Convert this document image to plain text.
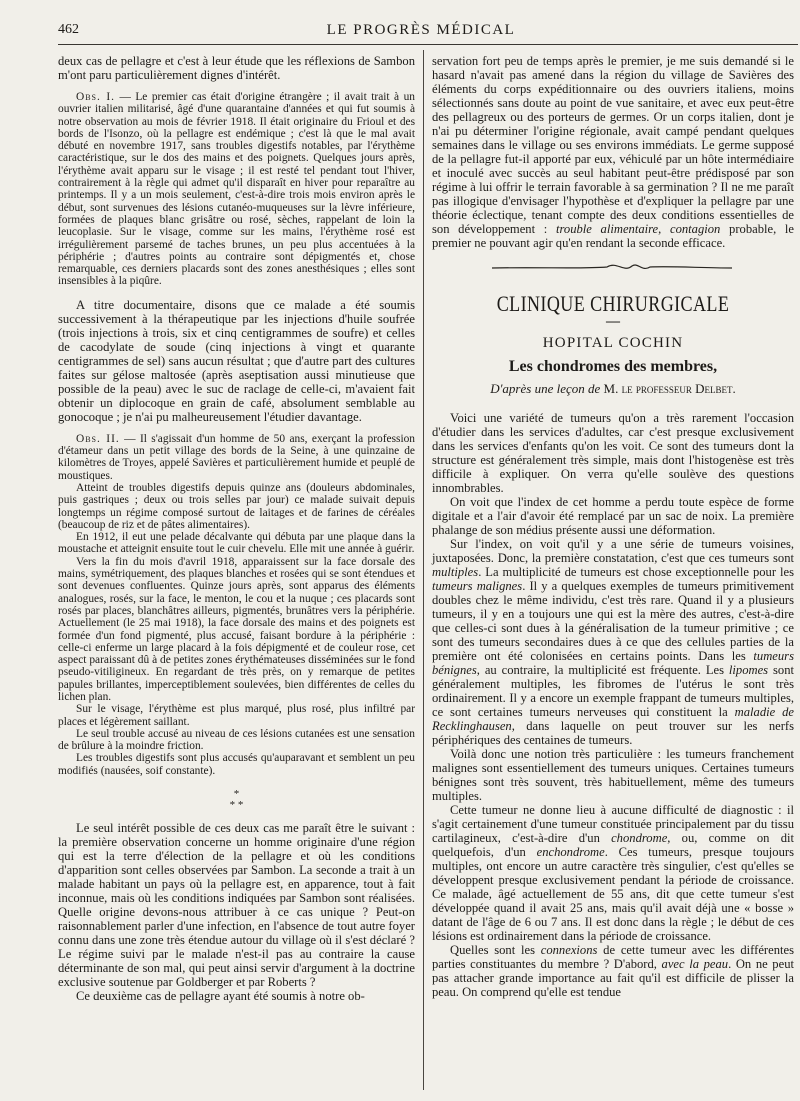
462	LE PROGRÈS MÉDICAL

deux cas de pellagre et c'est à leur étude que les réflexions de Sambon m'ont paru particulièrement dignes d'intérêt.

Obs. I. — Le premier cas était d'origine étrangère ; il avait trait à un ouvrier italien militarisé, âgé d'une quarantaine d'années et qui fut soumis à notre observation au mois de février 1918. Il était originaire du Frioul et des bords de l'Isonzo, où la pellagre est endémique ; c'est là que le mal avait débuté en novembre 1917, sans troubles digestifs notables, par l'érythème caractéristique, sur le dos des mains et des poignets. Quelques jours après, l'érythème avait apparu sur le visage ; il est resté tel pendant tout l'hiver, contrairement à la règle qui admet qu'il disparaît en hiver pour reparaître au printemps. Il y a un mois seulement, c'est-à-dire trois mois environ après le début, sont survenues des lésions cutanéo-muqueuses sur la lèvre inférieure, formées de plaques blanc grisâtre ou rosé, sèches, rappelant de loin la leucoplasie. Sur le visage, comme sur les mains, l'érythème rosé est irrégulièrement parsemé de taches brunes, un peu plus accentuées à la périphérie ; d'autres points au contraire sont dépigmentés et, chose remarquable, ces derniers placards sont des zones anesthésiques ; elles sont insensibles à la piqûre.

A titre documentaire, disons que ce malade a été soumis successivement à la thérapeutique par les injections d'huile soufrée (trois injections à trois, six et cinq centigrammes de soufre) et celles de cacodylate de soude (cinq injections à vingt et quarante centigrammes de sel) sans aucun résultat ; que d'autre part des cultures faites sur gélose maltosée (après aseptisation aussi minutieuse que possible de la peau) avec le suc de raclage de celle-ci, m'avaient fait obtenir un diplocoque en grain de café, absolument semblable au gonocoque ; je n'ai pu malheureusement l'étudier davantage.

Obs. II. — Il s'agissait d'un homme de 50 ans, exerçant la profession d'étameur dans un petit village des bords de la Seine, à une quinzaine de kilomètres de Troyes, appelé Savières et particulièrement humide et peuplé de moustiques.

Atteint de troubles digestifs depuis quinze ans (douleurs abdominales, puis gastriques ; deux ou trois selles par jour) ce malade suivait depuis longtemps un régime composé surtout de laitages et de farines de céréales (beaucoup de riz et de pâtes alimentaires).

En 1912, il eut une pelade décalvante qui débuta par une plaque dans la moustache et atteignit ensuite tout le cuir chevelu. Elle mit une année à guérir.

Vers la fin du mois d'avril 1918, apparaissent sur la face dorsale des mains, symétriquement, des plaques blanches et rosées qui se sont étendues et sont devenues confluentes. Quinze jours après, sont apparus des éléments analogues, rosés, sur la face, le menton, le cou et la nuque ; ces placards sont rosés par places, blanchâtres ailleurs, pigmentés, brunâtres vers la périphérie. Actuellement (le 25 mai 1918), la face dorsale des mains et des poignets est formée d'un fond pigmenté, plus accusé, faisant bordure à la périphérie : celle-ci enferme un large placard à la fois dépigmenté et de couleur rose, cet aspect paraissant dû à de petites zones érythémateuses disséminées sur le fond pseudo-vitiligineux. En regardant de très près, on y remarque de petites papules brillantes, imperceptiblement soulevées, bien différentes de celles du lichen plan.

Sur le visage, l'érythème est plus marqué, plus rosé, plus infiltré par places et légèrement saillant.

Le seul trouble accusé au niveau de ces lésions cutanées est une sensation de brûlure à la moindre friction.

Les troubles digestifs sont plus accusés qu'auparavant et semblent un peu modifiés (nausées, soif constante).

*
* *

Le seul intérêt possible de ces deux cas me paraît être le suivant : la première observation concerne un homme originaire d'une région qui est la terre d'élection de la pellagre et où les conditions d'apparition sont celles observées par Sambon. La seconde a trait à un malade habitant un pays où la pellagre est, en apparence, tout à fait inconnue, mais où les conditions indiquées par Sambon sont réalisées. Quelle origine devons-nous attribuer à ce cas unique ? Peut-on raisonnablement parler d'une infection, en l'absence de tout autre foyer connu dans une zone très étendue autour du village où il s'est déclaré ? Le régime suivi par le malade n'est-il pas au contraire la cause déterminante de son mal, qui peut ainsi servir d'argument à la doctrine exclusive soutenue par Goldberger et par Roberts ?

Ce deuxième cas de pellagre ayant été soumis à notre ob-

servation fort peu de temps après le premier, je me suis demandé si le hasard n'avait pas amené dans la région du village de Savières des éléments du corps expéditionnaire ou des ouvriers italiens, moins sélectionnés sans doute au point de vue sanitaire, et avec eux peut-être des pellagreux ou des porteurs de germes. Or un corps italien, dont je n'ai pu déterminer l'origine régionale, avait campé pendant quelques semaines dans le village ou ses environs immédiats. Le germe supposé de la pellagre fut-il apporté par eux, véhiculé par un hôte intermédiaire et inoculé avec succès au seul habitant peut-être prédisposé par son régime à lui offrir le terrain favorable à sa germination ? Il ne me paraît pas illogique d'envisager l'hypothèse et d'expliquer la pellagre par une théorie éclectique, tenant compte des deux conditions essentielles de son développement : trouble alimentaire, contagion probable, le premier ne pouvant agir qu'en rendant la seconde efficace.

CLINIQUE CHIRURGICALE
—
HOPITAL COCHIN
Les chondromes des membres,
D'après une leçon de M. le professeur Delbet.

Voici une variété de tumeurs qu'on a très rarement l'occasion d'étudier dans les services d'adultes, car c'est presque exclusivement dans les services d'enfants qu'on les voit. Ce sont des tumeurs dont la structure est généralement très simple, mais dont l'histogenèse est très difficile à expliquer. On verra qu'elle soulève des questions innombrables.

On voit que l'index de cet homme a perdu toute espèce de forme digitale et a l'air d'avoir été remplacé par un sac de noix. La première phalange de son médius présente aussi une déformation.

Sur l'index, on voit qu'il y a une série de tumeurs voisines, juxtaposées. Donc, la première constatation, c'est que ces tumeurs sont multiples. La multiplicité de tumeurs est chose exceptionnelle pour les tumeurs malignes. Il y a quelques exemples de tumeurs primitivement doubles chez le même individu, c'est très rare. Quand il y a plusieurs tumeurs, il y en a toujours une qui est la mère des autres, c'est-à-dire que celles-ci sont dues à la généralisation de la tumeur primitive ; ce sont des tumeurs secondaires dues à ce que des cellules parties de la première ont été colonisées en certains points. Dans les tumeurs bénignes, au contraire, la multiplicité est fréquente. Les lipomes sont généralement multiples, les fibromes de l'utérus le sont très ordinairement. Il y a encore un exemple frappant de tumeurs multiples, ce sont certaines tumeurs nerveuses qui constituent la maladie de Recklinghausen, dans laquelle on peut trouver sur les nerfs périphériques des centaines de tumeurs.

Voilà donc une notion très particulière : les tumeurs franchement malignes sont essentiellement des tumeurs uniques. Certaines tumeurs bénignes sont très souvent, très habituellement, même des tumeurs multiples.

Cette tumeur ne donne lieu à aucune difficulté de diagnostic : il s'agit certainement d'une tumeur constituée principalement par du tissu cartilagineux, c'est-à-dire d'un chondrome, ou, comme on dit quelquefois, d'un enchondrome. Ces tumeurs, presque toujours multiples, ont encore un autre caractère très singulier, c'est qu'elles se développent presque exclusivement pendant la période de croissance. Ce malade, âgé actuellement de 55 ans, dit que cette tumeur s'est développée quand il avait 25 ans, mais qu'il avait déjà une « bosse » datant de l'âge de 6 ou 7 ans. Il est donc dans la règle ; le début de ces lésions est ordinairement dans la période de croissance.

Quelles sont les connexions de cette tumeur avec les différentes parties constituantes du membre ? D'abord, avec la peau. On ne peut pas attacher grande importance au fait qu'il est difficile de plisser la peau. On comprend qu'elle est tendue
